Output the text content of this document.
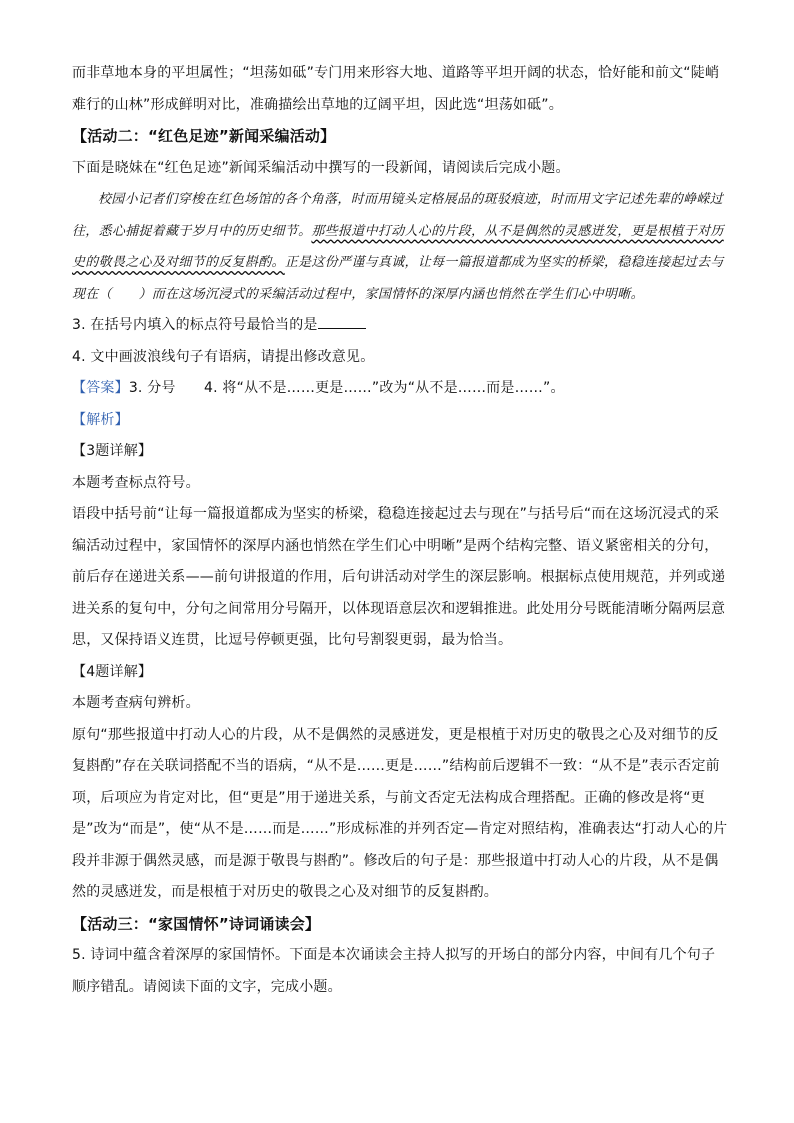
而非草地本身的平坦属性；“坦荡如砥”专门用来形容大地、道路等平坦开阔的状态，恰好能和前文“陡峭难行的山林”形成鲜明对比，准确描绘出草地的辽阔平坦，因此选“坦荡如砥”。

【活动二：“红色足迹”新闻采编活动】

下面是晓妹在“红色足迹”新闻采编活动中撰写的一段新闻，请阅读后完成小题。

校园小记者们穿梭在红色场馆的各个角落，时而用镜头定格展品的斑驳痕迹，时而用文字记述先辈的峥嵘过往，悉心捕捉着藏于岁月中的历史细节。那些报道中打动人心的片段，从不是偶然的灵感迸发，更是根植于对历史的敬畏之心及对细节的反复斟酌。正是这份严谨与真诚，让每一篇报道都成为坚实的桥梁，稳稳连接起过去与现在（　　）而在这场沉浸式的采编活动过程中，家国情怀的深厚内涵也悄然在学生们心中明晰。

3. 在括号内填入的标点符号最恰当的是

4. 文中画波浪线句子有语病，请提出修改意见。

【答案】3. 分号　　4. 将“从不是……更是……”改为“从不是……而是……”。

【解析】

【3题详解】

本题考查标点符号。

语段中括号前“让每一篇报道都成为坚实的桥梁，稳稳连接起过去与现在”与括号后“而在这场沉浸式的采编活动过程中，家国情怀的深厚内涵也悄然在学生们心中明晰”是两个结构完整、语义紧密相关的分句，前后存在递进关系——前句讲报道的作用，后句讲活动对学生的深层影响。根据标点使用规范，并列或递进关系的复句中，分句之间常用分号隔开，以体现语意层次和逻辑推进。此处用分号既能清晰分隔两层意思，又保持语义连贯，比逗号停顿更强，比句号割裂更弱，最为恰当。

【4题详解】

本题考查病句辨析。

原句“那些报道中打动人心的片段，从不是偶然的灵感迸发，更是根植于对历史的敬畏之心及对细节的反复斟酌”存在关联词搭配不当的语病，“从不是……更是……”结构前后逻辑不一致：“从不是”表示否定前项，后项应为肯定对比，但“更是”用于递进关系，与前文否定无法构成合理搭配。正确的修改是将“更是”改为“而是”，使“从不是……而是……”形成标准的并列否定—肯定对照结构，准确表达“打动人心的片段并非源于偶然灵感，而是源于敬畏与斟酌”。修改后的句子是：那些报道中打动人心的片段，从不是偶然的灵感迸发，而是根植于对历史的敬畏之心及对细节的反复斟酌。

【活动三：“家国情怀”诗词诵读会】

5. 诗词中蕴含着深厚的家国情怀。下面是本次诵读会主持人拟写的开场白的部分内容，中间有几个句子顺序错乱。请阅读下面的文字，完成小题。
